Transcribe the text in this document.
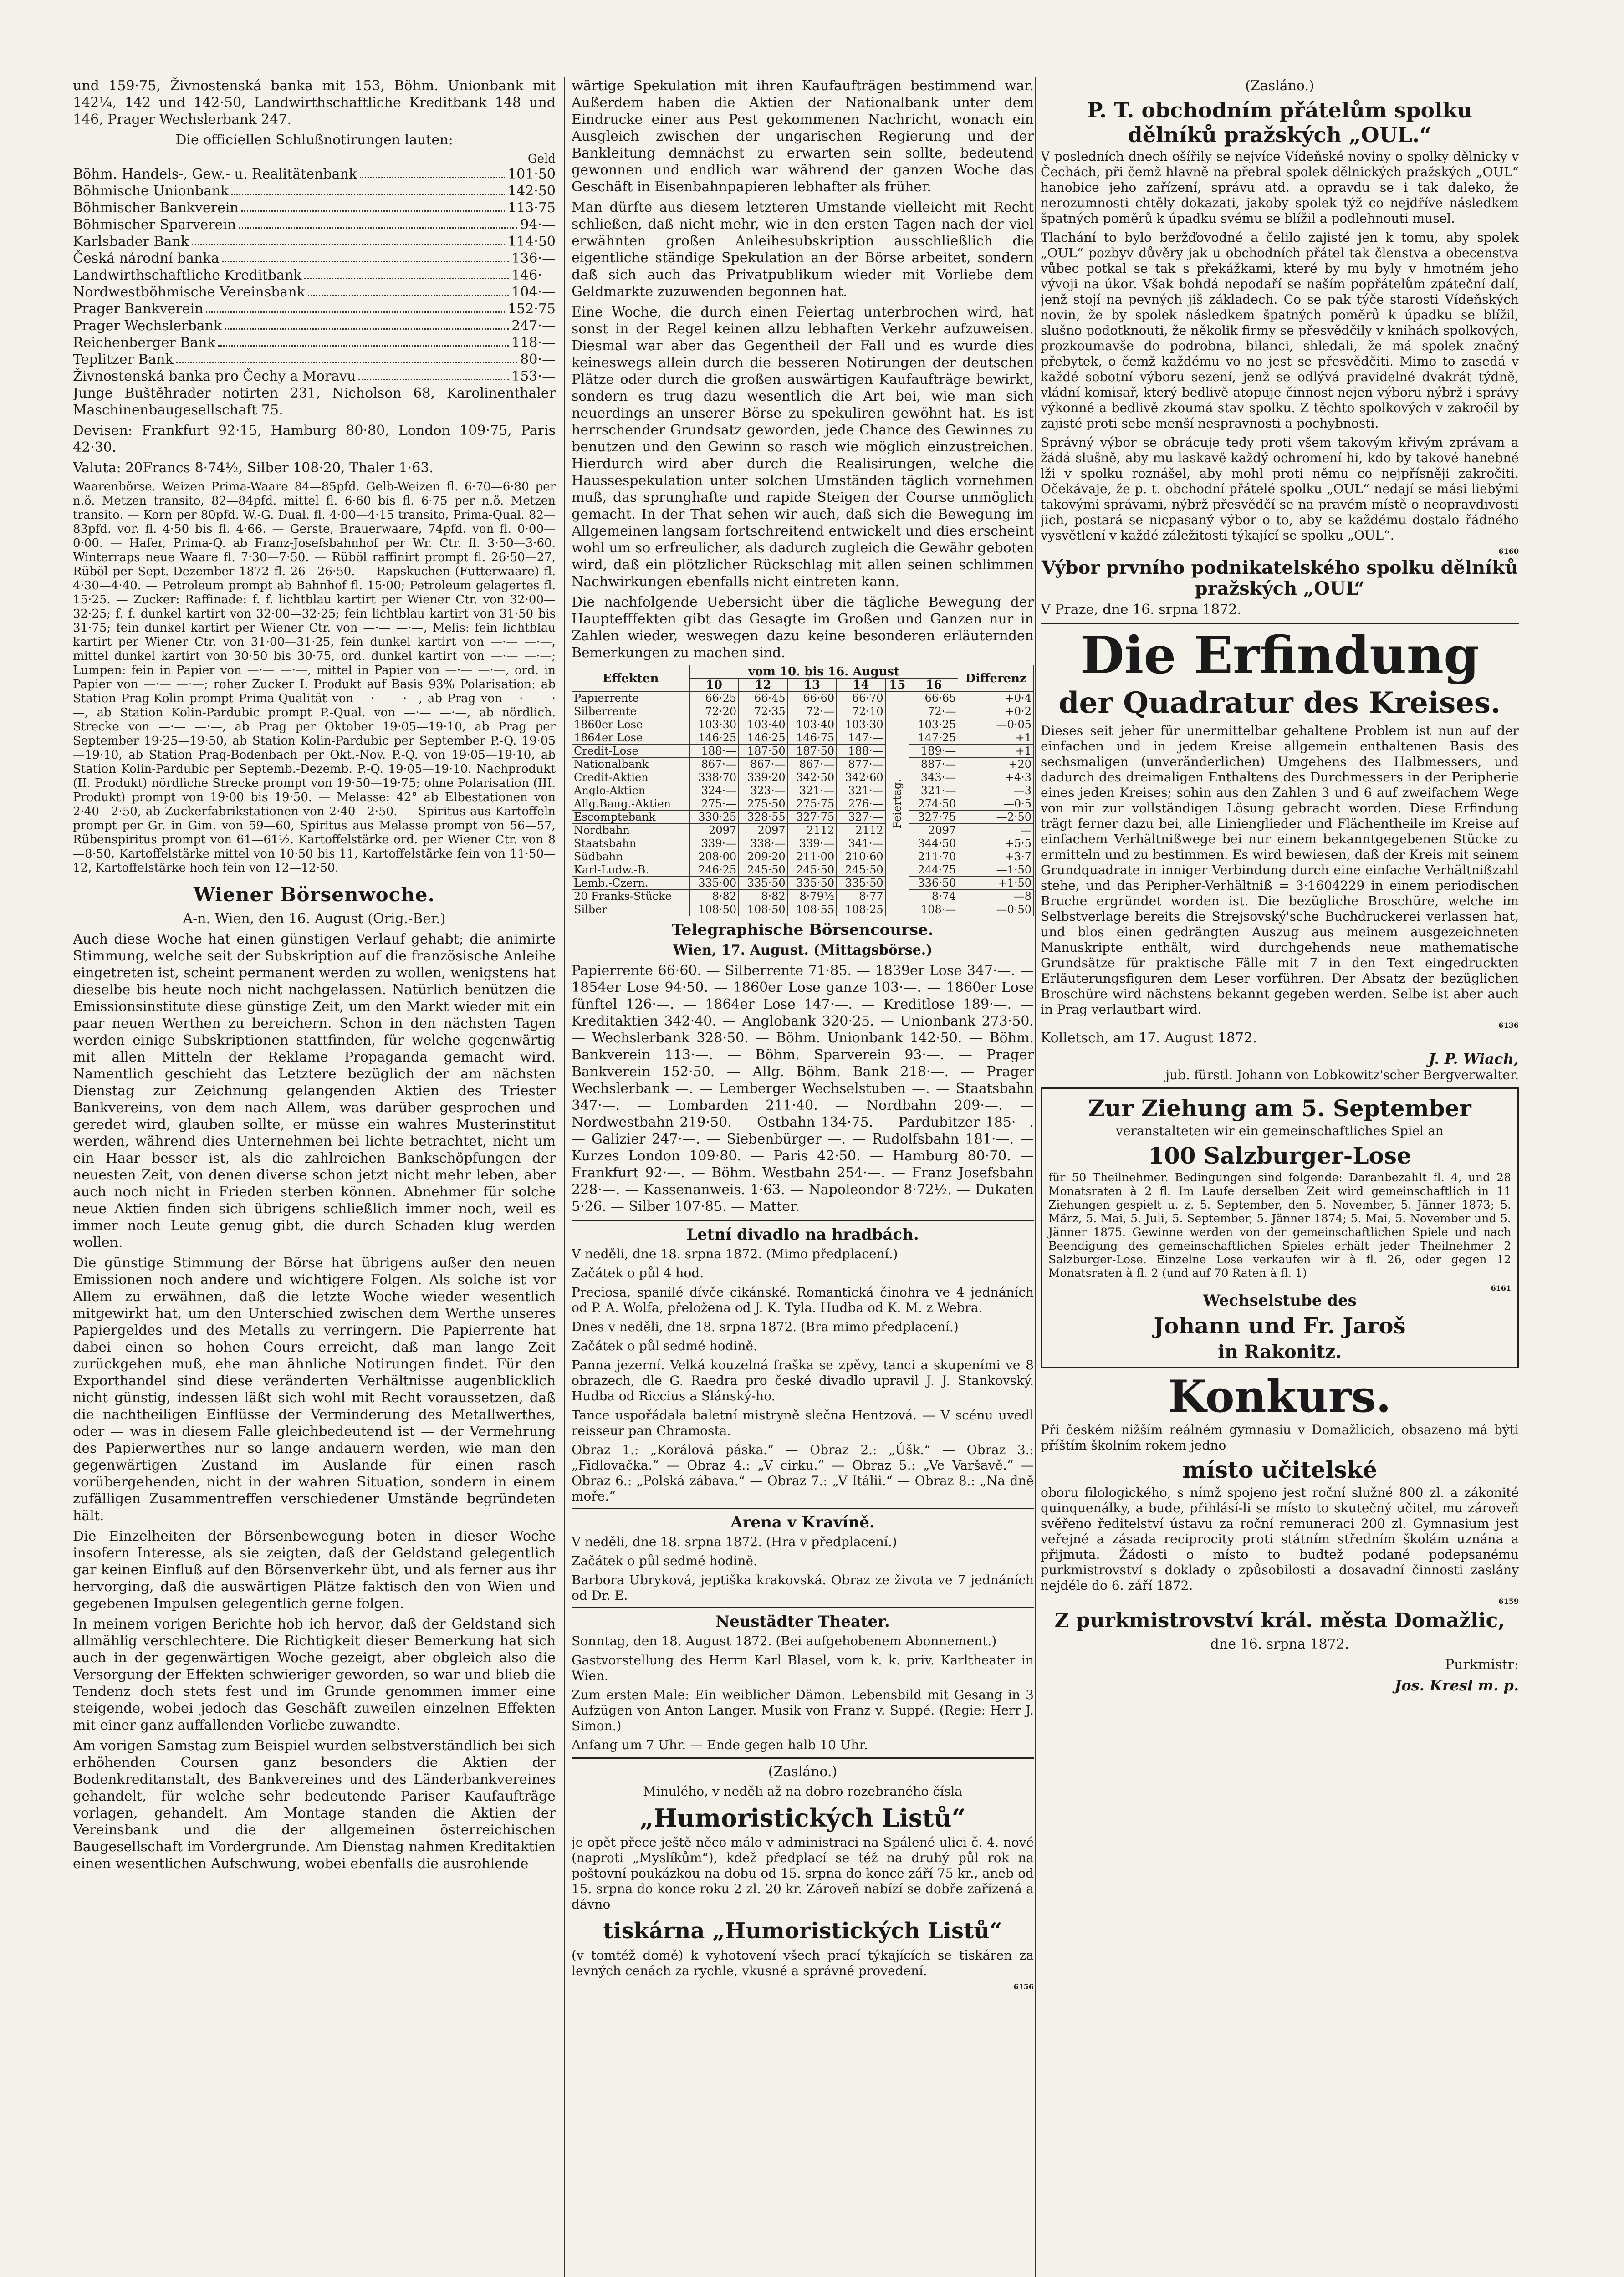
und 159·75, Živnostenská banka mit 153, Böhm. Unionbank mit 142¼, 142 und 142·50, Landwirthschaftliche Kreditbank 148 und 146, Prager Wechslerbank 247.

Die officiellen Schlußnotirungen lauten:

Geld
Böhm. Handels-, Gew.- u. Realitätenbank	101·50
Böhmische Unionbank	142·50
Böhmischer Bankverein	113·75
Böhmischer Sparverein	94·—
Karlsbader Bank	114·50
Česká národní banka	136·—
Landwirthschaftliche Kreditbank	146·—
Nordwestböhmische Vereinsbank	104·—
Prager Bankverein	152·75
Prager Wechslerbank	247·—
Reichenberger Bank	118·—
Teplitzer Bank	80·—
Živnostenská banka pro Čechy a Moravu	153·—

Junge Buštěhrader notirten 231, Nicholson 68, Karolinenthaler Maschinenbaugesellschaft 75.

Devisen: Frankfurt 92·15, Hamburg 80·80, London 109·75, Paris 42·30.

Valuta: 20Francs 8·74½, Silber 108·20, Thaler 1·63.

Waarenbörse. Weizen Prima-Waare 84—85pfd. Gelb-Weizen fl. 6·70—6·80 per n.ö. Metzen transito, 82—84pfd. mittel fl. 6·60 bis fl. 6·75 per n.ö. Metzen transito. — Korn per 80pfd. W.-G. Dual. fl. 4·00—4·15 transito, Prima-Qual. 82—83pfd. vor. fl. 4·50 bis fl. 4·66. — Gerste, Brauerwaare, 74pfd. von fl. 0·00—0·00. — Hafer, Prima-Q. ab Franz-Josefsbahnhof per Wr. Ctr. fl. 3·50—3·60. Winterraps neue Waare fl. 7·30—7·50. — Rüböl raffinirt prompt fl. 26·50—27, Rüböl per Sept.-Dezember 1872 fl. 26—26·50. — Rapskuchen (Futterwaare) fl. 4·30—4·40. — Petroleum prompt ab Bahnhof fl. 15·00; Petroleum gelagertes fl. 15·25. — Zucker: Raffinade: f. f. lichtblau kartirt per Wiener Ctr. von 32·00—32·25; f. f. dunkel kartirt von 32·00—32·25; fein lichtblau kartirt von 31·50 bis 31·75; fein dunkel kartirt per Wiener Ctr. von —·— —·—, Melis: fein lichtblau kartirt per Wiener Ctr. von 31·00—31·25, fein dunkel kartirt von —·— —·—, mittel dunkel kartirt von 30·50 bis 30·75, ord. dunkel kartirt von —·— —·—; Lumpen: fein in Papier von —·— —·—, mittel in Papier von —·— —·—, ord. in Papier von —·— —·—; roher Zucker I. Produkt auf Basis 93% Polarisation: ab Station Prag-Kolin prompt Prima-Qualität von —·— —·—, ab Prag von —·— —·—, ab Station Kolin-Pardubic prompt P.-Qual. von —·— —·—, ab nördlich. Strecke von —·— —·—, ab Prag per Oktober 19·05—19·10, ab Prag per September 19·25—19·50, ab Station Kolin-Pardubic per September P.-Q. 19·05—19·10, ab Station Prag-Bodenbach per Okt.-Nov. P.-Q. von 19·05—19·10, ab Station Kolin-Pardubic per Septemb.-Dezemb. P.-Q. 19·05—19·10. Nachprodukt (II. Produkt) nördliche Strecke prompt von 19·50—19·75; ohne Polarisation (III. Produkt) prompt von 19·00 bis 19·50. — Melasse: 42° ab Elbestationen von 2·40—2·50, ab Zuckerfabrikstationen von 2·40—2·50. — Spiritus aus Kartoffeln prompt per Gr. in Gim. von 59—60, Spiritus aus Melasse prompt von 56—57, Rübenspiritus prompt von 61—61½. Kartoffelstärke ord. per Wiener Ctr. von 8—8·50, Kartoffelstärke mittel von 10·50 bis 11, Kartoffelstärke fein von 11·50—12, Kartoffelstärke hoch fein von 12—12·50.

Wiener Börsenwoche.

A-n. Wien, den 16. August (Orig.-Ber.)

Auch diese Woche hat einen günstigen Verlauf gehabt; die animirte Stimmung, welche seit der Subskription auf die französische Anleihe eingetreten ist, scheint permanent werden zu wollen, wenigstens hat dieselbe bis heute noch nicht nachgelassen. Natürlich benützen die Emissionsinstitute diese günstige Zeit, um den Markt wieder mit ein paar neuen Werthen zu bereichern. Schon in den nächsten Tagen werden einige Subskriptionen stattfinden, für welche gegenwärtig mit allen Mitteln der Reklame Propaganda gemacht wird. Namentlich geschieht das Letztere bezüglich der am nächsten Dienstag zur Zeichnung gelangenden Aktien des Triester Bankvereins, von dem nach Allem, was darüber gesprochen und geredet wird, glauben sollte, er müsse ein wahres Musterinstitut werden, während dies Unternehmen bei lichte betrachtet, nicht um ein Haar besser ist, als die zahlreichen Bankschöpfungen der neuesten Zeit, von denen diverse schon jetzt nicht mehr leben, aber auch noch nicht in Frieden sterben können. Abnehmer für solche neue Aktien finden sich übrigens schließlich immer noch, weil es immer noch Leute genug gibt, die durch Schaden klug werden wollen.

Die günstige Stimmung der Börse hat übrigens außer den neuen Emissionen noch andere und wichtigere Folgen. Als solche ist vor Allem zu erwähnen, daß die letzte Woche wieder wesentlich mitgewirkt hat, um den Unterschied zwischen dem Werthe unseres Papiergeldes und des Metalls zu verringern. Die Papierrente hat dabei einen so hohen Cours erreicht, daß man lange Zeit zurückgehen muß, ehe man ähnliche Notirungen findet. Für den Exporthandel sind diese veränderten Verhältnisse augenblicklich nicht günstig, indessen läßt sich wohl mit Recht voraussetzen, daß die nachtheiligen Einflüsse der Verminderung des Metallwerthes, oder — was in diesem Falle gleichbedeutend ist — der Vermehrung des Papierwerthes nur so lange andauern werden, wie man den gegenwärtigen Zustand im Auslande für einen rasch vorübergehenden, nicht in der wahren Situation, sondern in einem zufälligen Zusammentreffen verschiedener Umstände begründeten hält.

Die Einzelheiten der Börsenbewegung boten in dieser Woche insofern Interesse, als sie zeigten, daß der Geldstand gelegentlich gar keinen Einfluß auf den Börsenverkehr übt, und als ferner aus ihr hervorging, daß die auswärtigen Plätze faktisch den von Wien und gegebenen Impulsen gelegentlich gerne folgen.

In meinem vorigen Berichte hob ich hervor, daß der Geldstand sich allmählig verschlechtere. Die Richtigkeit dieser Bemerkung hat sich auch in der gegenwärtigen Woche gezeigt, aber obgleich also die Versorgung der Effekten schwieriger geworden, so war und blieb die Tendenz doch stets fest und im Grunde genommen immer eine steigende, wobei jedoch das Geschäft zuweilen einzelnen Effekten mit einer ganz auffallenden Vorliebe zuwandte.

Am vorigen Samstag zum Beispiel wurden selbstverständlich bei sich erhöhenden Coursen ganz besonders die Aktien der Bodenkreditanstalt, des Bankvereines und des Länderbankvereines gehandelt, für welche sehr bedeutende Pariser Kaufaufträge vorlagen, gehandelt. Am Montage standen die Aktien der Vereinsbank und die der allgemeinen österreichischen Baugesellschaft im Vordergrunde. Am Dienstag nahmen Kreditaktien einen wesentlichen Aufschwung, wobei ebenfalls die ausrohlende

wärtige Spekulation mit ihren Kaufaufträgen bestimmend war. Außerdem haben die Aktien der Nationalbank unter dem Eindrucke einer aus Pest gekommenen Nachricht, wonach ein Ausgleich zwischen der ungarischen Regierung und der Bankleitung demnächst zu erwarten sein sollte, bedeutend gewonnen und endlich war während der ganzen Woche das Geschäft in Eisenbahnpapieren lebhafter als früher.

Man dürfte aus diesem letzteren Umstande vielleicht mit Recht schließen, daß nicht mehr, wie in den ersten Tagen nach der viel erwähnten großen Anleihesubskription ausschließlich die eigentliche ständige Spekulation an der Börse arbeitet, sondern daß sich auch das Privatpublikum wieder mit Vorliebe dem Geldmarkte zuzuwenden begonnen hat.

Eine Woche, die durch einen Feiertag unterbrochen wird, hat sonst in der Regel keinen allzu lebhaften Verkehr aufzuweisen. Diesmal war aber das Gegentheil der Fall und es wurde dies keineswegs allein durch die besseren Notirungen der deutschen Plätze oder durch die großen auswärtigen Kaufaufträge bewirkt, sondern es trug dazu wesentlich die Art bei, wie man sich neuerdings an unserer Börse zu spekuliren gewöhnt hat. Es ist herrschender Grundsatz geworden, jede Chance des Gewinnes zu benutzen und den Gewinn so rasch wie möglich einzustreichen. Hierdurch wird aber durch die Realisirungen, welche die Haussespekulation unter solchen Umständen täglich vornehmen muß, das sprunghafte und rapide Steigen der Course unmöglich gemacht. In der That sehen wir auch, daß sich die Bewegung im Allgemeinen langsam fortschreitend entwickelt und dies erscheint wohl um so erfreulicher, als dadurch zugleich die Gewähr geboten wird, daß ein plötzlicher Rückschlag mit allen seinen schlimmen Nachwirkungen ebenfalls nicht eintreten kann.

Die nachfolgende Uebersicht über die tägliche Bewegung der Hauptefffekten gibt das Gesagte im Großen und Ganzen nur in Zahlen wieder, weswegen dazu keine besonderen erläuternden Bemerkungen zu machen sind.

Effekten	vom 10. bis 16. August						Differenz
	10	12	13	14	15	16	
Papierrente	66·25	66·45	66·60	66·70	Feiertag.	66·65	+0·4
Silberrente	72·20	72·35	72·—	72·10		72·—	+0·2
1860er Lose	103·30	103·40	103·40	103·30		103·25	—0·05
1864er Lose	146·25	146·25	146·75	147·—		147·25	+1
Credit-Lose	188·—	187·50	187·50	188·—		189·—	+1
Nationalbank	867·—	867·—	867·—	877·—		887·—	+20
Credit-Aktien	338·70	339·20	342·50	342·60		343·—	+4·3
Anglo-Aktien	324·—	323·—	321·—	321·—		321·—	—3
Allg.Baug.-Aktien	275·—	275·50	275·75	276·—		274·50	—0·5
Escomptebank	330·25	328·55	327·75	327·—		327·75	—2·50
Nordbahn	2097	2097	2112	2112		2097	—
Staatsbahn	339·—	338·—	339·—	341·—		344·50	+5·5
Südbahn	208·00	209·20	211·00	210·60		211·70	+3·7
Karl-Ludw.-B.	246·25	245·50	245·50	245·50		244·75	—1·50
Lemb.-Czern.	335·00	335·50	335·50	335·50		336·50	+1·50
20 Franks-Stücke	8·82	8·82	8·79½	8·77		8·74	—8
Silber	108·50	108·50	108·55	108·25		108·—	—0·50
Telegraphische Börsencourse.

Wien, 17. August. (Mittagsbörse.)

Papierrente 66·60. — Silberrente 71·85. — 1839er Lose 347·—. — 1854er Lose 94·50. — 1860er Lose ganze 103·—. — 1860er Lose fünftel 126·—. — 1864er Lose 147·—. — Kreditlose 189·—. — Kreditaktien 342·40. — Anglobank 320·25. — Unionbank 273·50. — Wechslerbank 328·50. — Böhm. Unionbank 142·50. — Böhm. Bankverein 113·—. — Böhm. Sparverein 93·—. — Prager Bankverein 152·50. — Allg. Böhm. Bank 218·—. — Prager Wechslerbank —. — Lemberger Wechselstuben —. — Staatsbahn 347·—. — Lombarden 211·40. — Nordbahn 209·—. — Nordwestbahn 219·50. — Ostbahn 134·75. — Pardubitzer 185·—. — Galizier 247·—. — Siebenbürger —. — Rudolfsbahn 181·—. — Kurzes London 109·80. — Paris 42·50. — Hamburg 80·70. — Frankfurt 92·—. — Böhm. Westbahn 254·—. — Franz Josefsbahn 228·—. — Kassenanweis. 1·63. — Napoleondor 8·72½. — Dukaten 5·26. — Silber 107·85. — Matter.

Letní divadlo na hradbách.

V neděli, dne 18. srpna 1872. (Mimo předplacení.)

Začátek o půl 4 hod.

Preciosa, spanilé dívče cikánské. Romantická činohra ve 4 jednáních od P. A. Wolfa, přeložena od J. K. Tyla. Hudba od K. M. z Webra.

Dnes v neděli, dne 18. srpna 1872. (Bra mimo předplacení.)

Začátek o půl sedmé hodině.

Panna jezerní. Velká kouzelná fraška se zpěvy, tanci a skupeními ve 8 obrazech, dle G. Raedra pro české divadlo upravil J. J. Stankovský. Hudba od Riccius a Slánský-ho.

Tance uspořádala baletní mistryně slečna Hentzová. — V scénu uvedl reisseur pan Chramosta.

Obraz 1.: „Korálová páska.“ — Obraz 2.: „Úšk.“ — Obraz 3.: „Fidlovačka.“ — Obraz 4.: „V cirku.“ — Obraz 5.: „Ve Varšavě.“ — Obraz 6.: „Polská zábava.“ — Obraz 7.: „V Itálii.“ — Obraz 8.: „Na dně moře.“

Arena v Kravíně.

V neděli, dne 18. srpna 1872. (Hra v předplacení.)

Začátek o půl sedmé hodině.

Barbora Ubryková, jeptiška krakovská. Obraz ze života ve 7 jednáních od Dr. E.

Neustädter Theater.

Sonntag, den 18. August 1872. (Bei aufgehobenem Abonnement.)

Gastvorstellung des Herrn Karl Blasel, vom k. k. priv. Karltheater in Wien.

Zum ersten Male: Ein weiblicher Dämon. Lebensbild mit Gesang in 3 Aufzügen von Anton Langer. Musik von Franz v. Suppé. (Regie: Herr J. Simon.)

Anfang um 7 Uhr. — Ende gegen halb 10 Uhr.

(Zasláno.)

Minulého, v neděli až na dobro rozebraného čísla

„Humoristických Listů“

je opět přece ještě něco málo v administraci na Spálené ulici č. 4. nové (naproti „Myslíkům“), kdež předplací se též na druhý půl rok na poštovní poukázkou na dobu od 15. srpna do konce září 75 kr., aneb od 15. srpna do konce roku 2 zl. 20 kr. Zároveň nabízí se dobře zařízená a dávno

tiskárna „Humoristických Listů“

(v tomtéž domě) k vyhotovení všech prací týkajících se tiskáren za levných cenách za rychle, vkusné a správné provedení.

6156

(Zasláno.)

P. T. obchodním přátelům spolku dělníků pražských „OUL.“

V posledních dnech ošířily se nejvíce Vídeňské noviny o spolky dělnicky v Čechách, při čemž hlavně na přebral spolek dělnických pražských „OUL“ hanobice jeho zařízení, správu atd. a opravdu se i tak daleko, že nerozumnosti chtěly dokazati, jakoby spolek týž co nejdříve následkem špatných poměrů k úpadku svému se blížil a podlehnouti musel.

Tlachání to bylo beržďovodné a čelilo zajisté jen k tomu, aby spolek „OUL“ pozbyv důvěry jak u obchodních přátel tak členstva a obecenstva vůbec potkal se tak s překážkami, které by mu byly v hmotném jeho vývoji na úkor. Však bohdá nepodaří se naším popřátelům zpáteční dalí, jenž stojí na pevných jiš základech. Co se pak týče starosti Vídeňských novin, že by spolek následkem špatných poměrů k úpadku se blížil, slušno podotknouti, že několik firmy se přesvědčily v knihách spolkových, prozkoumavše do podrobna, bilanci, shledali, že má spolek značný přebytek, o čemž každému vo no jest se přesvědčiti. Mimo to zasedá v každé sobotní výboru sezení, jenž se odlývá pravidelné dvakrát týdně, vládní komisař, který bedlivě atopuje činnost nejen výboru nýbrž i správy výkonné a bedlivě zkoumá stav spolku. Z těchto spolkových v zakročil by zajisté proti sebe menší nespravnosti a pochybnosti.

Správný výbor se obrácuje tedy proti všem takovým křivým zprávam a žádá slušně, aby mu laskavě každý ochromení hi, kdo by takové hanebné lži v spolku roznášel, aby mohl proti němu co nejpřísněji zakročiti. Očekávaje, že p. t. obchodní přátelé spolku „OUL“ nedají se mási liebými takovými správami, nýbrž přesvědčí se na pravém místě o neopravdivosti jich, postará se nicpasaný výbor o to, aby se každému dostalo řádného vysvětlení v každé záležitosti týkající se spolku „OUL“.

6160
Výbor prvního podnikatelského spolku dělníků pražských „OUL“

V Praze, dne 16. srpna 1872.

Die Erfindung
der Quadratur des Kreises.

Dieses seit jeher für unermittelbar gehaltene Problem ist nun auf der einfachen und in jedem Kreise allgemein enthaltenen Basis des sechsmaligen (unveränderlichen) Umgehens des Halbmessers, und dadurch des dreimaligen Enthaltens des Durchmessers in der Peripherie eines jeden Kreises; sohin aus den Zahlen 3 und 6 auf zweifachem Wege von mir zur vollständigen Lösung gebracht worden. Diese Erfindung trägt ferner dazu bei, alle Linienglieder und Flächentheile im Kreise auf einfachem Verhältnißwege bei nur einem bekanntgegebenen Stücke zu ermitteln und zu bestimmen. Es wird bewiesen, daß der Kreis mit seinem Grundquadrate in inniger Verbindung durch eine einfache Verhältnißzahl stehe, und das Peripher-Verhältniß = 3·1604229 in einem periodischen Bruche ergründet worden ist. Die bezügliche Broschüre, welche im Selbstverlage bereits die Strejsovský'sche Buchdruckerei verlassen hat, und blos einen gedrängten Auszug aus meinem ausgezeichneten Manuskripte enthält, wird durchgehends neue mathematische Grundsätze für praktische Fälle mit 7 in den Text eingedruckten Erläuterungsfiguren dem Leser vorführen. Der Absatz der bezüglichen Broschüre wird nächstens bekannt gegeben werden. Selbe ist aber auch in Prag verlautbart wird.

6136

Kolletsch, am 17. August 1872.

J. P. Wiach,

jub. fürstl. Johann von Lobkowitz'scher Bergverwalter.

Zur Ziehung am 5. September

veranstalteten wir ein gemeinschaftliches Spiel an

100 Salzburger-Lose

für 50 Theilnehmer. Bedingungen sind folgende: Daranbezahlt fl. 4, und 28 Monatsraten à 2 fl. Im Laufe derselben Zeit wird gemeinschaftlich in 11 Ziehungen gespielt u. z. 5. September, den 5. November, 5. Jänner 1873; 5. März, 5. Mai, 5. Juli, 5. September, 5. Jänner 1874; 5. Mai, 5. November und 5. Jänner 1875. Gewinne werden von der gemeinschaftlichen Spiele und nach Beendigung des gemeinschaftlichen Spieles erhält jeder Theilnehmer 2 Salzburger-Lose. Einzelne Lose verkaufen wir à fl. 26, oder gegen 12 Monatsraten à fl. 2 (und auf 70 Raten à fl. 1)

6161

Wechselstube des

Johann und Fr. Jaroš
in Rakonitz.
Konkurs.

Při českém nižším reálném gymnasiu v Domažlicích, obsazeno má býti příštím školním rokem jedno

místo učitelské

oboru filologického, s nímž spojeno jest roční služné 800 zl. a zákonité quinquenálky, a bude, přihlásí-li se místo to skutečný učitel, mu zároveň svěřeno ředitelství ústavu za roční remuneraci 200 zl. Gymnasium jest veřejné a zásada reciprocity proti státním středním školám uznána a přijmuta. Žádosti o místo to budtež podané podepsanému purkmistrovství s doklady o způsobilosti a dosavadní činnosti zaslány nejdéle do 6. září 1872.

6159
Z purkmistrovství král. města Domažlic,

dne 16. srpna 1872.

Purkmistr:

Jos. Kresl m. p.
